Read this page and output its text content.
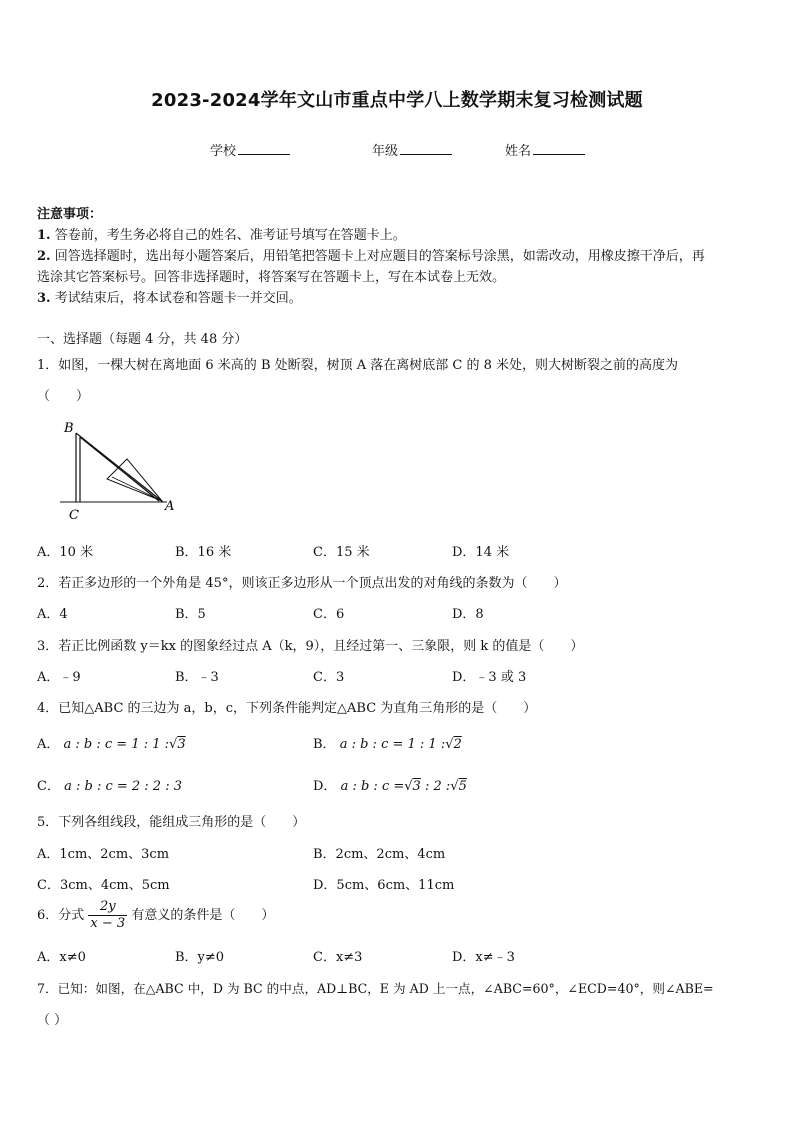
2023-2024学年文山市重点中学八上数学期末复习检测试题
学校	年级	姓名
注意事项：
1. 答卷前，考生务必将自己的姓名、准考证号填写在答题卡上。
2. 回答选择题时，选出每小题答案后，用铅笔把答题卡上对应题目的答案标号涂黑，如需改动，用橡皮擦干净后，再
选涂其它答案标号。回答非选择题时，将答案写在答题卡上，写在本试卷上无效。
3. 考试结束后，将本试卷和答题卡一并交回。
一、选择题（每题 4 分，共 48 分）
1．如图，一棵大树在离地面 6 米高的 B 处断裂，树顶 A 落在离树底部 C 的 8 米处，则大树断裂之前的高度为
（　　）
B
C
A
A．10 米	B．16 米	C．15 米	D．14 米
2．若正多边形的一个外角是 45°，则该正多边形从一个顶点出发的对角线的条数为（　　）
A．4	B．5	C．6	D．8
3．若正比例函数 y＝kx 的图象经过点 A（k，9），且经过第一、三象限，则 k 的值是（　　）
A．﹣9	B．﹣3	C．3	D．﹣3 或 3
4．已知△ABC 的三边为 a，b，c，下列条件能判定△ABC 为直角三角形的是（　　）
A． a : b : c = 1 : 1 :√3	B． a : b : c = 1 : 1 :√2
C． a : b : c = 2 : 2 : 3	D． a : b : c =√3 : 2 :√5
5．下列各组线段，能组成三角形的是（　　）
A．1cm、2cm、3cm	B．2cm、2cm、4cm
C．3cm、4cm、5cm	D．5cm、6cm、11cm
6．分式 $\frac{2y}{x - 3}$ 有意义的条件是（　　）
A．x≠0	B．y≠0	C．x≠3	D．x≠﹣3
7．已知：如图，在△ABC 中，D 为 BC 的中点，AD⊥BC，E 为 AD 上一点，∠ABC=60°，∠ECD=40°，则∠ABE=
（ ）
